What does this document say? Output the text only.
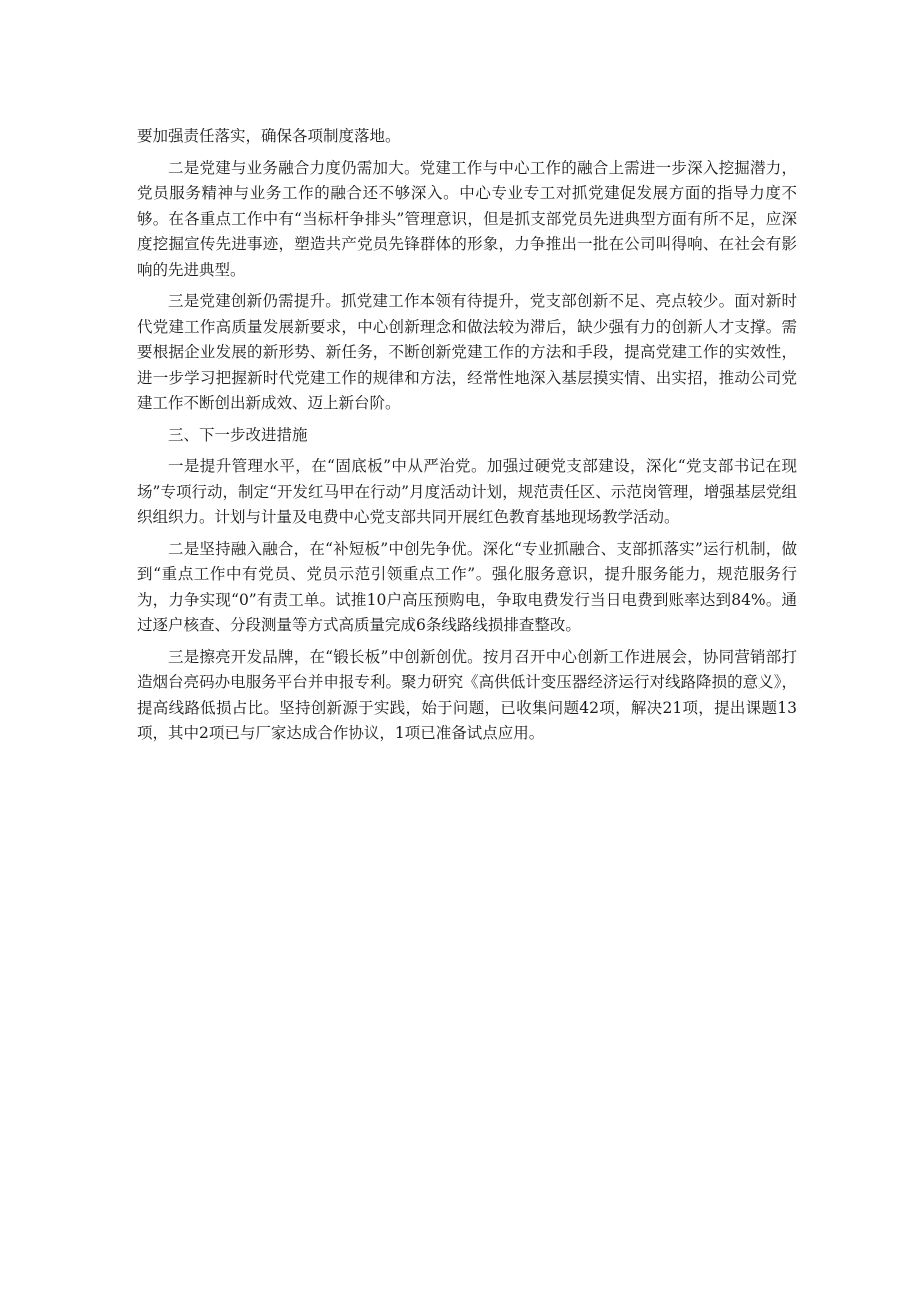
要加强责任落实，确保各项制度落地。

二是党建与业务融合力度仍需加大。党建工作与中心工作的融合上需进一步深入挖掘潜力，党员服务精神与业务工作的融合还不够深入。中心专业专工对抓党建促发展方面的指导力度不够。在各重点工作中有“当标杆争排头”管理意识，但是抓支部党员先进典型方面有所不足，应深度挖掘宣传先进事迹，塑造共产党员先锋群体的形象，力争推出一批在公司叫得响、在社会有影响的先进典型。

三是党建创新仍需提升。抓党建工作本领有待提升，党支部创新不足、亮点较少。面对新时代党建工作高质量发展新要求，中心创新理念和做法较为滞后，缺少强有力的创新人才支撑。需要根据企业发展的新形势、新任务，不断创新党建工作的方法和手段，提高党建工作的实效性，进一步学习把握新时代党建工作的规律和方法，经常性地深入基层摸实情、出实招，推动公司党建工作不断创出新成效、迈上新台阶。

三、下一步改进措施

一是提升管理水平，在“固底板”中从严治党。加强过硬党支部建设，深化“党支部书记在现场”专项行动，制定“开发红马甲在行动”月度活动计划，规范责任区、示范岗管理，增强基层党组织组织力。计划与计量及电费中心党支部共同开展红色教育基地现场教学活动。

二是坚持融入融合，在“补短板”中创先争优。深化“专业抓融合、支部抓落实”运行机制，做到“重点工作中有党员、党员示范引领重点工作”。强化服务意识，提升服务能力，规范服务行为，力争实现“0”有责工单。试推10户高压预购电，争取电费发行当日电费到账率达到84%。通过逐户核查、分段测量等方式高质量完成6条线路线损排查整改。

三是擦亮开发品牌，在“锻长板”中创新创优。按月召开中心创新工作进展会，协同营销部打造烟台亮码办电服务平台并申报专利。聚力研究《高供低计变压器经济运行对线路降损的意义》，提高线路低损占比。坚持创新源于实践，始于问题，已收集问题42项，解决21项，提出课题13项，其中2项已与厂家达成合作协议，1项已准备试点应用。
